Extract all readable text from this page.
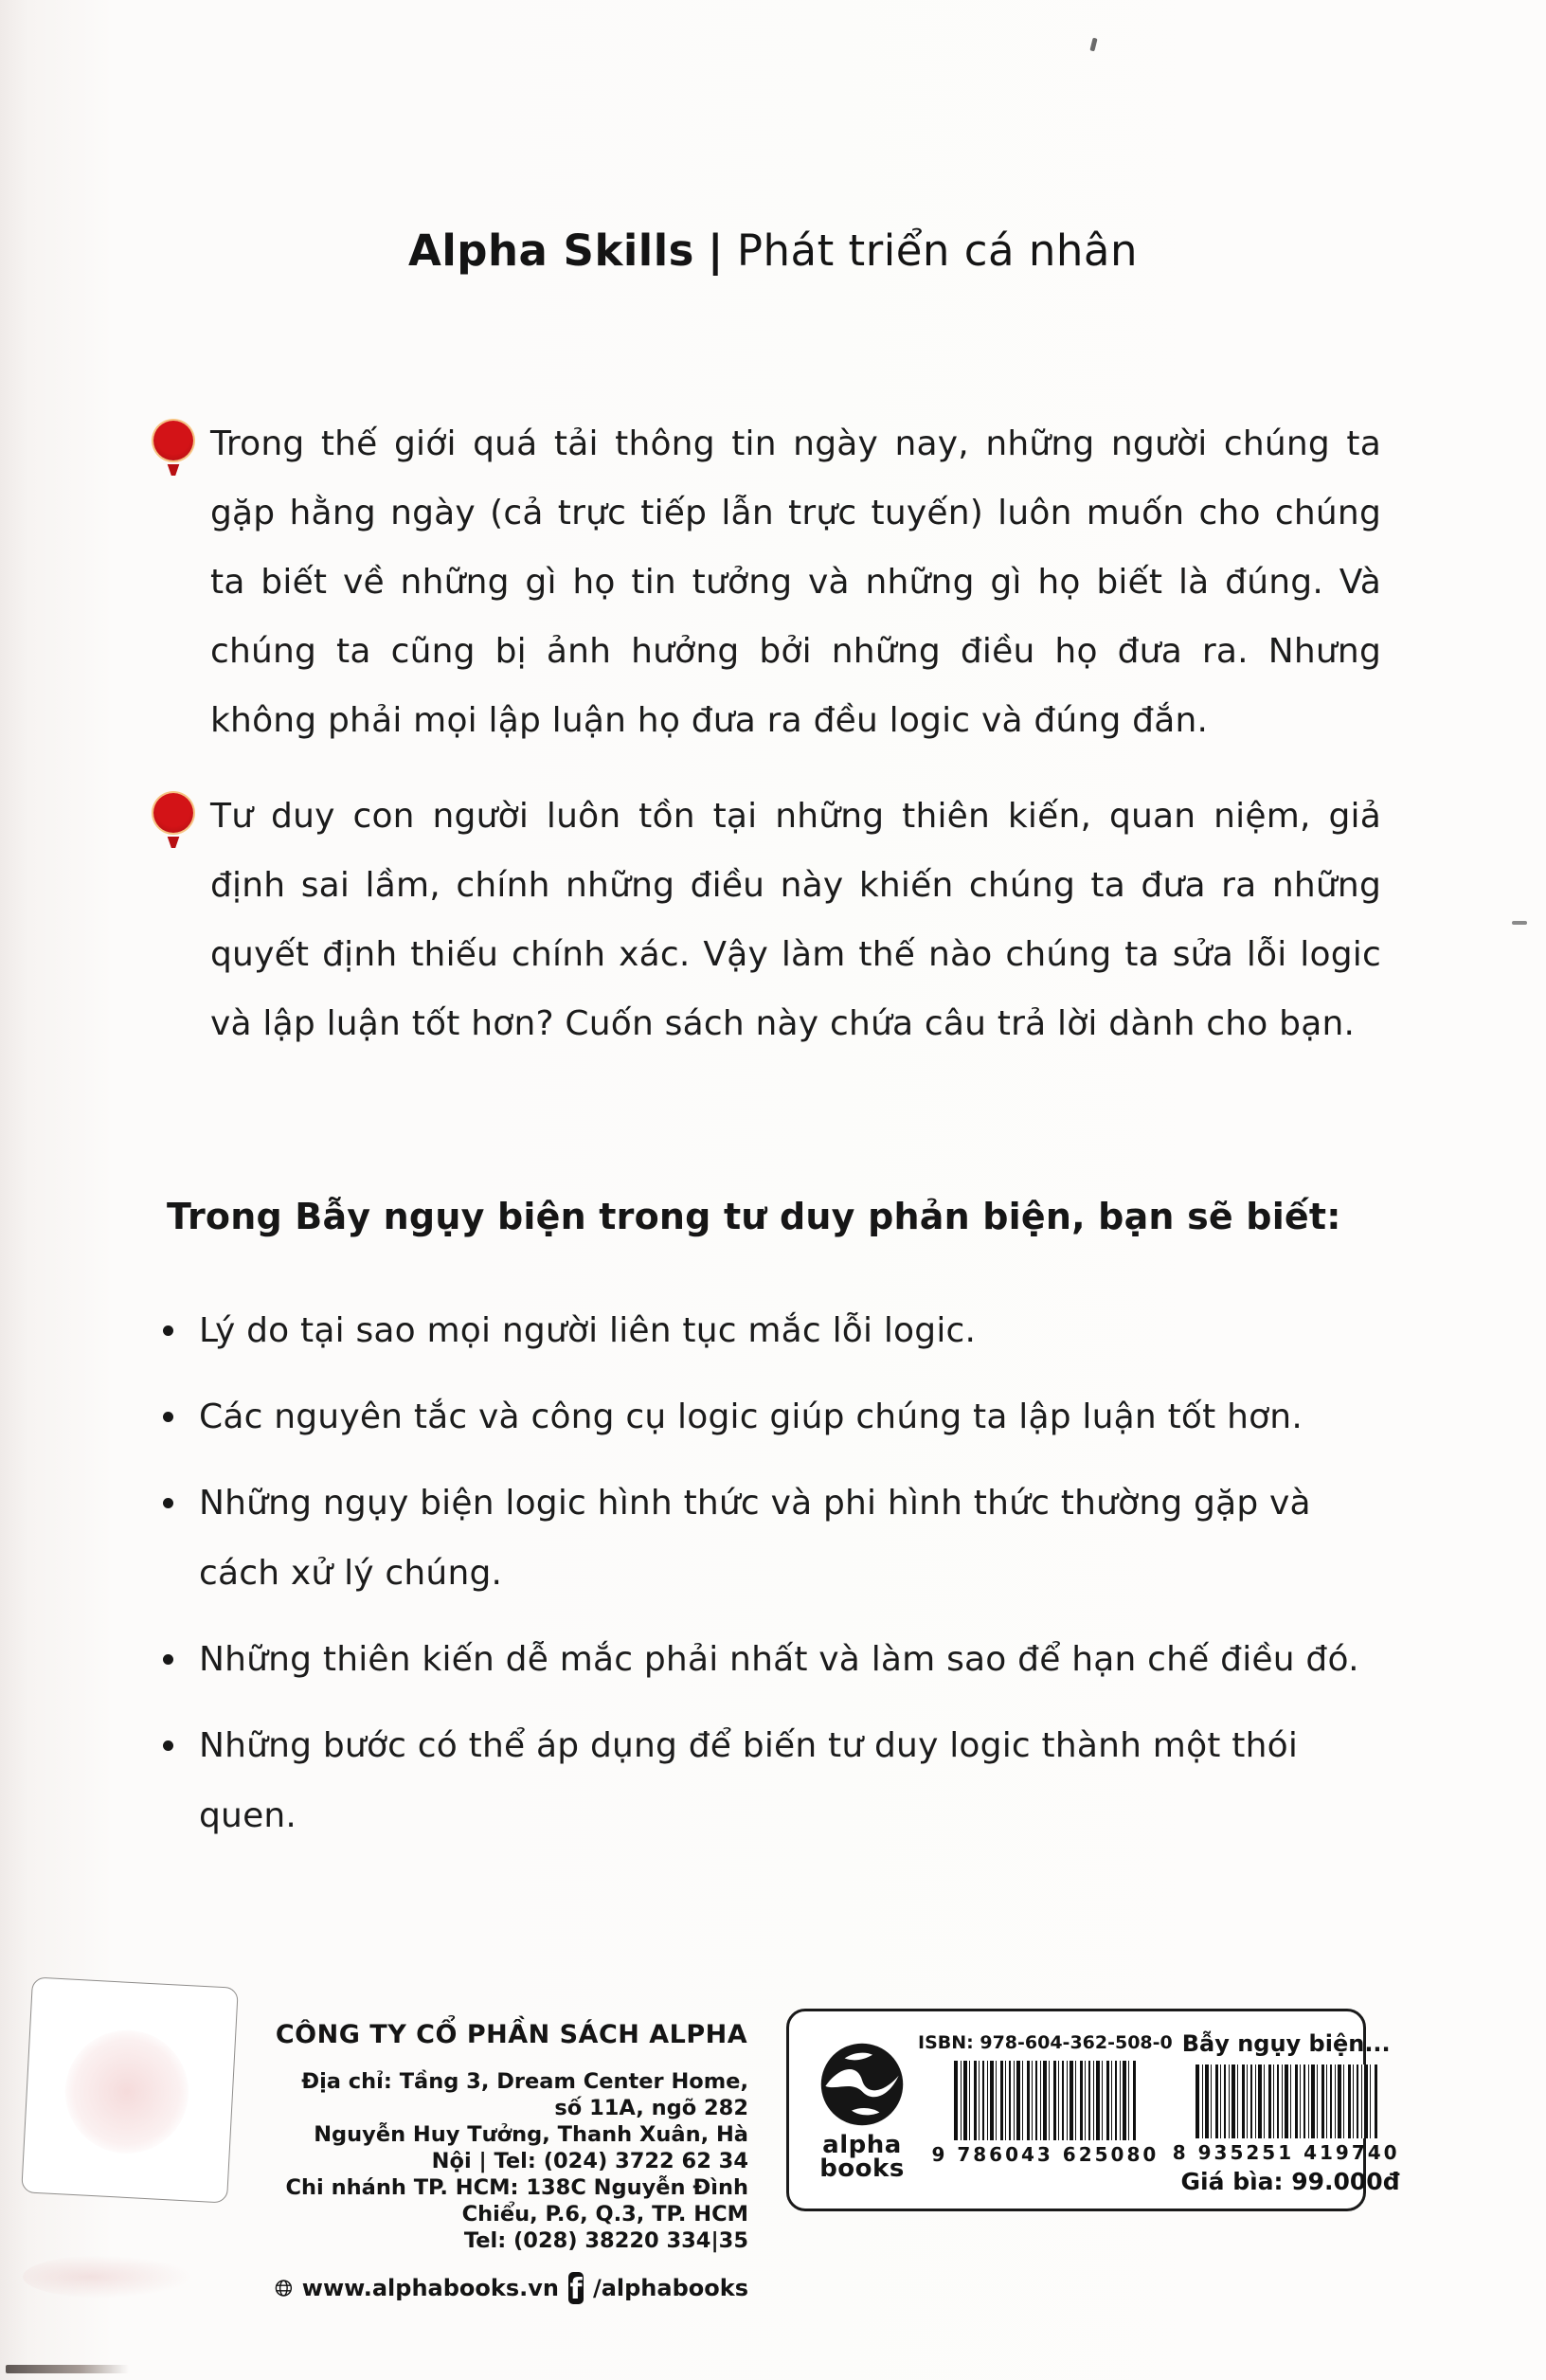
Alpha Skills | Phát triển cá nhân
Trong thế giới quá tải thông tin ngày nay, những người chúng ta gặp hằng ngày (cả trực tiếp lẫn trực tuyến) luôn muốn cho chúng ta biết về những gì họ tin tưởng và những gì họ biết là đúng. Và chúng ta cũng bị ảnh hưởng bởi những điều họ đưa ra. Nhưng không phải mọi lập luận họ đưa ra đều logic và đúng đắn.
Tư duy con người luôn tồn tại những thiên kiến, quan niệm, giả định sai lầm, chính những điều này khiến chúng ta đưa ra những quyết định thiếu chính xác. Vậy làm thế nào chúng ta sửa lỗi logic và lập luận tốt hơn? Cuốn sách này chứa câu trả lời dành cho bạn.
Trong Bẫy ngụy biện trong tư duy phản biện, bạn sẽ biết:
Lý do tại sao mọi người liên tục mắc lỗi logic.
Các nguyên tắc và công cụ logic giúp chúng ta lập luận tốt hơn.
Những ngụy biện logic hình thức và phi hình thức thường gặp và cách xử lý chúng.
Những thiên kiến dễ mắc phải nhất và làm sao để hạn chế điều đó.
Những bước có thể áp dụng để biến tư duy logic thành một thói quen.
CÔNG TY CỔ PHẦN SÁCH ALPHA
Địa chỉ: Tầng 3, Dream Center Home, số 11A, ngõ 282
Nguyễn Huy Tưởng, Thanh Xuân, Hà Nội | Tel: (024) 3722 62 34
Chi nhánh TP. HCM: 138C Nguyễn Đình Chiểu, P.6, Q.3, TP. HCM
Tel: (028) 38220 334|35
www.alphabooks.vn f /alphabooks
alpha
books
ISBN: 978-604-362-508-0
9 786043 625080
Bẫy ngụy biện...
8 935251 419740
Giá bìa: 99.000đ
